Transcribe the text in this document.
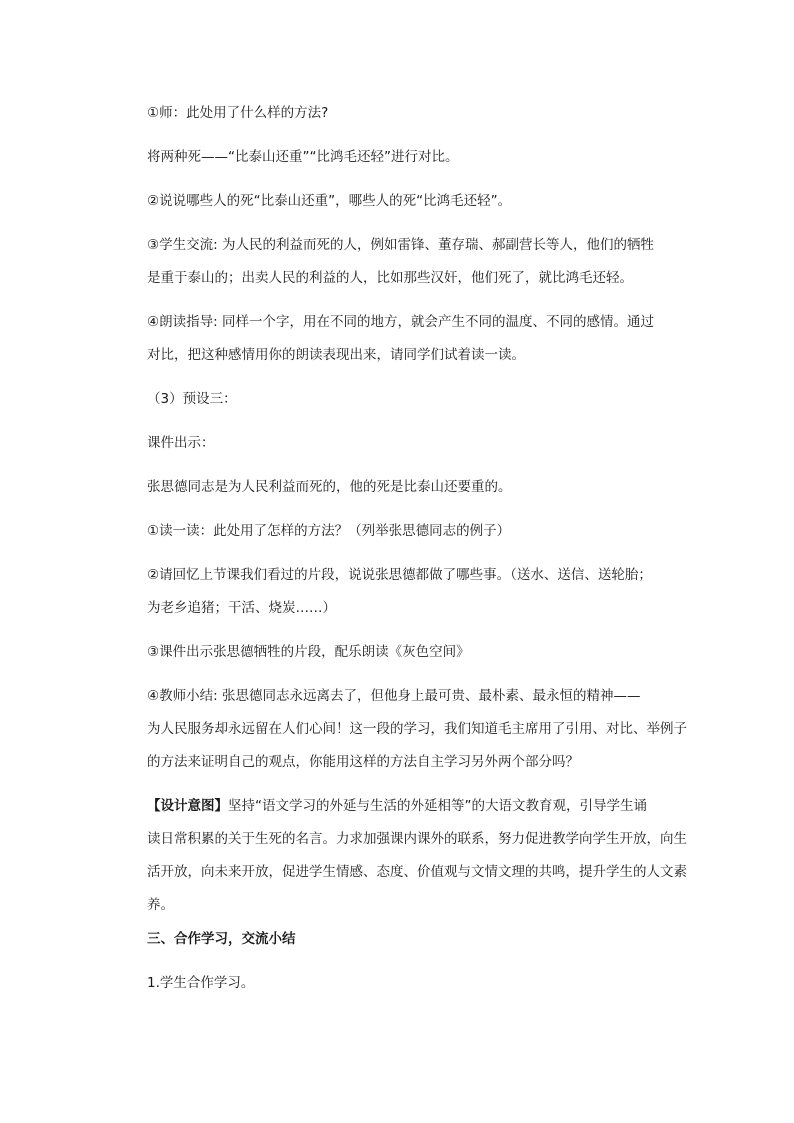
①师：此处用了什么样的方法?
将两种死——“比泰山还重”“比鸿毛还轻”进行对比。
②说说哪些人的死“比泰山还重”，哪些人的死“比鸿毛还轻”。
③学生交流: 为人民的利益而死的人，例如雷锋、董存瑞、郝副营长等人，他们的牺牲
是重于泰山的；出卖人民的利益的人，比如那些汉奸，他们死了，就比鸿毛还轻。
④朗读指导: 同样一个字，用在不同的地方，就会产生不同的温度、不同的感情。通过
对比，把这种感情用你的朗读表现出来，请同学们试着读一读。
（3）预设三：
课件出示：
张思德同志是为人民利益而死的，他的死是比泰山还要重的。
①读一读：此处用了怎样的方法？（列举张思德同志的例子）
②请回忆上节课我们看过的片段，说说张思德都做了哪些事。（送水、送信、送轮胎；
为老乡追猪；干活、烧炭……）
③课件出示张思德牺牲的片段，配乐朗读《灰色空间》
④教师小结: 张思德同志永远离去了，但他身上最可贵、最朴素、最永恒的精神——
为人民服务却永远留在人们心间！这一段的学习，我们知道毛主席用了引用、对比、举例子
的方法来证明自己的观点，你能用这样的方法自主学习另外两个部分吗？
【设计意图】坚持“语文学习的外延与生活的外延相等”的大语文教育观，引导学生诵
读日常积累的关于生死的名言。力求加强课内课外的联系，努力促进教学向学生开放，向生
活开放，向未来开放，促进学生情感、态度、价值观与文情文理的共鸣，提升学生的人文素
养。
三、合作学习，交流小结
1.学生合作学习。
